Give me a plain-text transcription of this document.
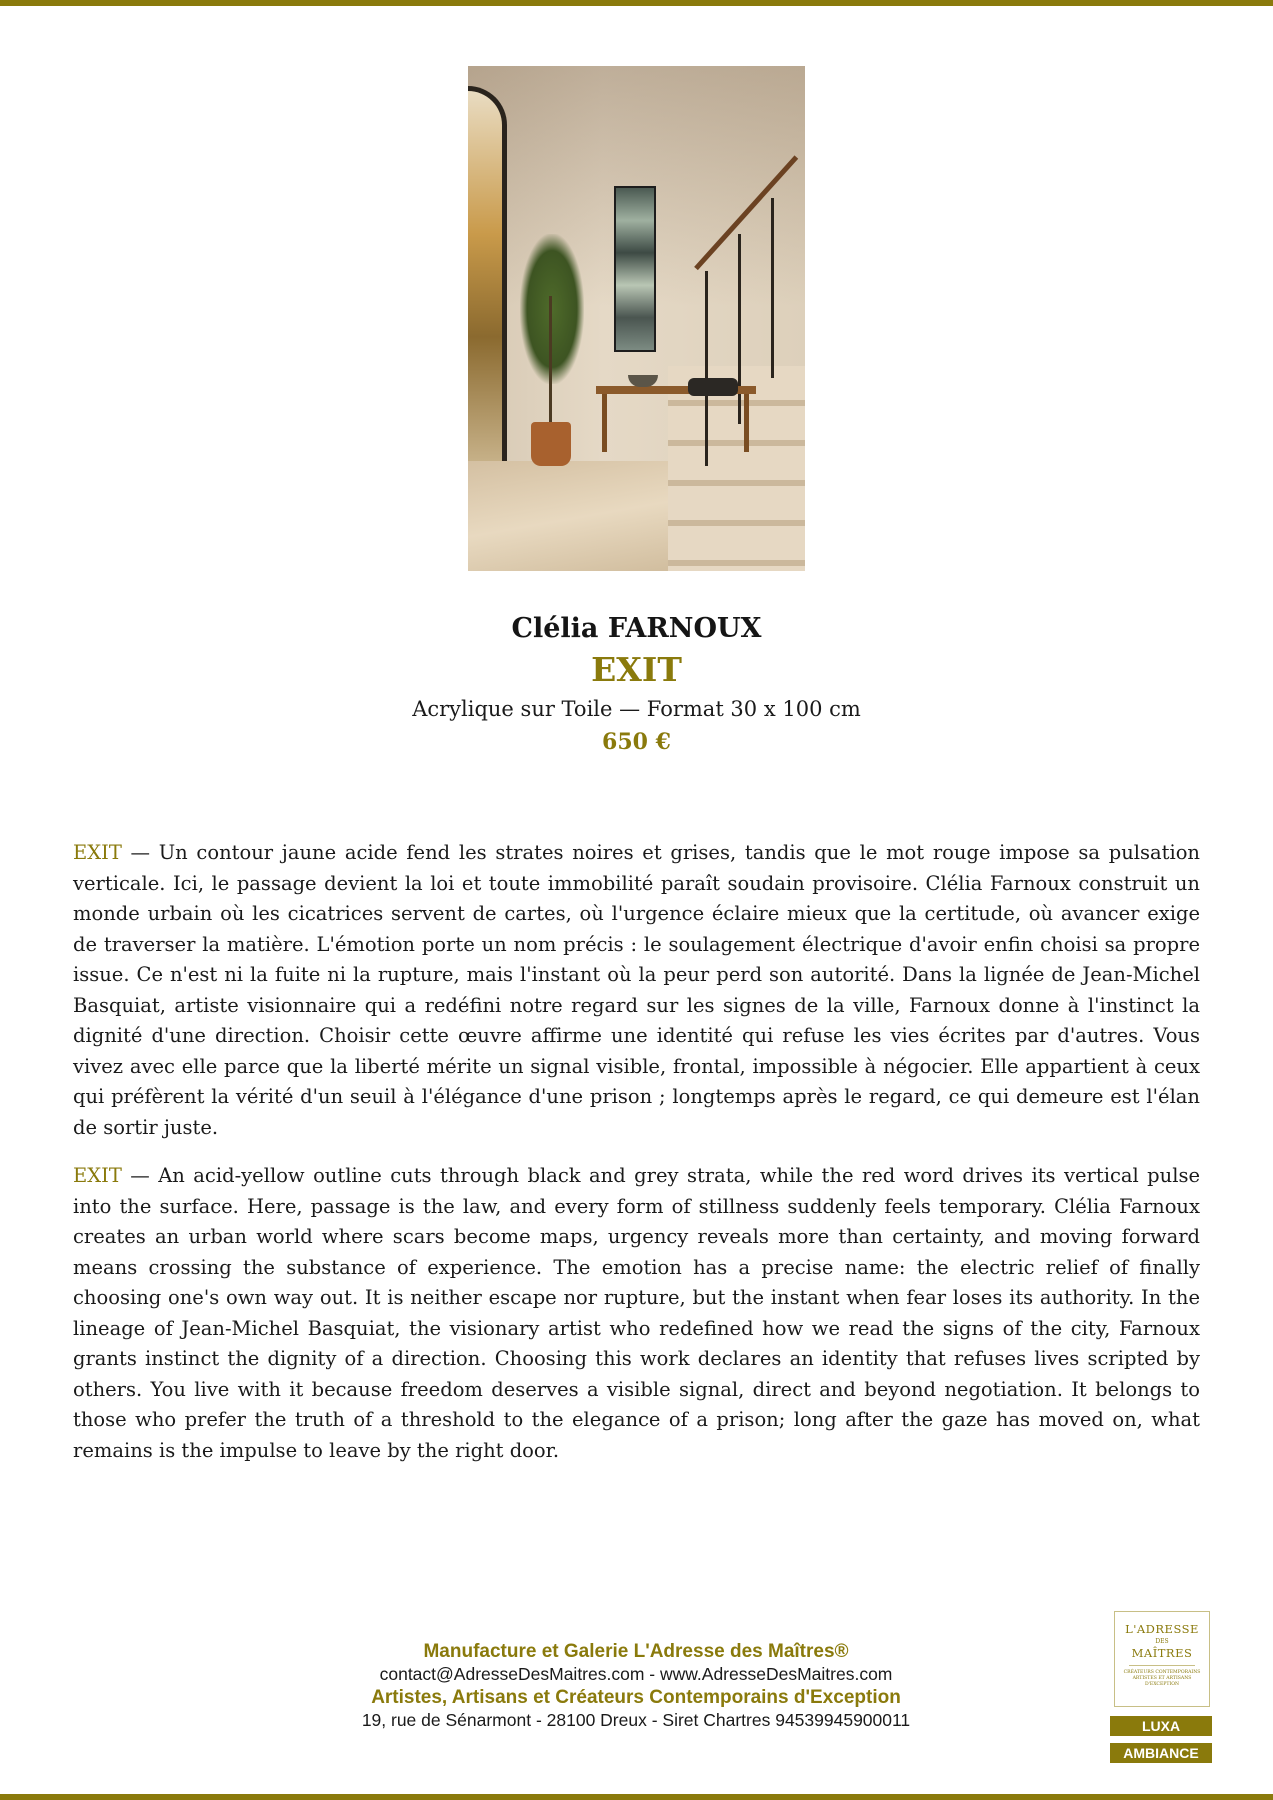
Clélia FARNOUX
EXIT
Acrylique sur Toile — Format 30 x 100 cm
650 €

EXIT — Un contour jaune acide fend les strates noires et grises, tandis que le mot rouge impose sa pulsation verticale. Ici, le passage devient la loi et toute immobilité paraît soudain provisoire. Clélia Farnoux construit un monde urbain où les cicatrices servent de cartes, où l'urgence éclaire mieux que la certitude, où avancer exige de traverser la matière. L'émotion porte un nom précis : le soulagement électrique d'avoir enfin choisi sa propre issue. Ce n'est ni la fuite ni la rupture, mais l'instant où la peur perd son autorité. Dans la lignée de Jean-Michel Basquiat, artiste visionnaire qui a redéfini notre regard sur les signes de la ville, Farnoux donne à l'instinct la dignité d'une direction. Choisir cette œuvre affirme une identité qui refuse les vies écrites par d'autres. Vous vivez avec elle parce que la liberté mérite un signal visible, frontal, impossible à négocier. Elle appartient à ceux qui préfèrent la vérité d'un seuil à l'élégance d'une prison ; longtemps après le regard, ce qui demeure est l'élan de sortir juste.

EXIT — An acid-yellow outline cuts through black and grey strata, while the red word drives its vertical pulse into the surface. Here, passage is the law, and every form of stillness suddenly feels temporary. Clélia Farnoux creates an urban world where scars become maps, urgency reveals more than certainty, and moving forward means crossing the substance of experience. The emotion has a precise name: the electric relief of finally choosing one's own way out. It is neither escape nor rupture, but the instant when fear loses its authority. In the lineage of Jean-Michel Basquiat, the visionary artist who redefined how we read the signs of the city, Farnoux grants instinct the dignity of a direction. Choosing this work declares an identity that refuses lives scripted by others. You live with it because freedom deserves a visible signal, direct and beyond negotiation. It belongs to those who prefer the truth of a threshold to the elegance of a prison; long after the gaze has moved on, what remains is the impulse to leave by the right door.

Manufacture et Galerie L'Adresse des Maîtres®
contact@AdresseDesMaitres.com - www.AdresseDesMaitres.com
Artistes, Artisans et Créateurs Contemporains d'Exception
19, rue de Sénarmont - 28100 Dreux - Siret Chartres 94539945900011
L'ADRESSE
DES
MAÎTRES
CRÉATEURS CONTEMPORAINS ARTISTES ET ARTISANS D'EXCEPTION
LUXA
AMBIANCE
